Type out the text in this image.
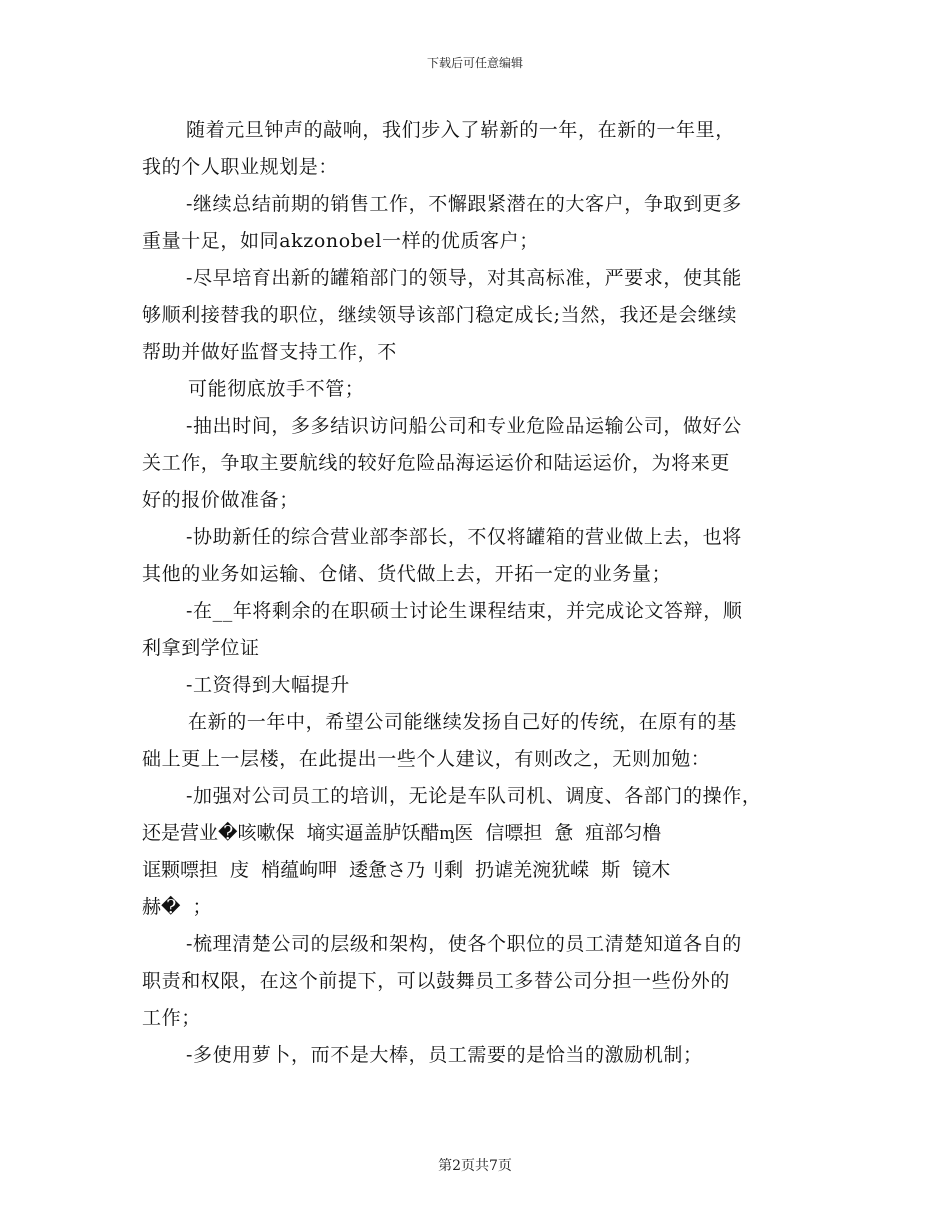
下载后可任意编辑
随着元旦钟声的敲响，我们步入了崭新的一年，在新的一年里，
我的个人职业规划是：
-继续总结前期的销售工作，不懈跟紧潜在的大客户，争取到更多
重量十足，如同akzonobel一样的优质客户；
-尽早培育出新的罐箱部门的领导，对其高标准，严要求，使其能
够顺利接替我的职位，继续领导该部门稳定成长;当然，我还是会继续
帮助并做好监督支持工作，不
可能彻底放手不管；
-抽出时间，多多结识访问船公司和专业危险品运输公司，做好公
关工作，争取主要航线的较好危险品海运运价和陆运运价，为将来更
好的报价做准备；
-协助新任的综合营业部李部长，不仅将罐箱的营业做上去，也将
其他的业务如运输、仓储、货代做上去，开拓一定的业务量；
-在__年将剩余的在职硕士讨论生课程结束，并完成论文答辩，顺
利拿到学位证
-工资得到大幅提升
在新的一年中，希望公司能继续发扬自己好的传统，在原有的基
础上更上一层楼，在此提出一些个人建议，有则改之，无则加勉：
-加强对公司员工的培训，无论是车队司机、调度、各部门的操作，
还是营业�咳嗽保 墒实逼盖胪饫醋ᶆ医 信嘌担 惫 疽部匀橹
诓颗嘌担 庋 梢蕴岣呷 逶惫さ乃刂剩 扔谑羌涴犹嵘 斯 镜木
赫� ；
-梳理清楚公司的层级和架构，使各个职位的员工清楚知道各自的
职责和权限，在这个前提下，可以鼓舞员工多替公司分担一些份外的
工作；
-多使用萝卜，而不是大棒，员工需要的是恰当的激励机制；
第2页共7页
